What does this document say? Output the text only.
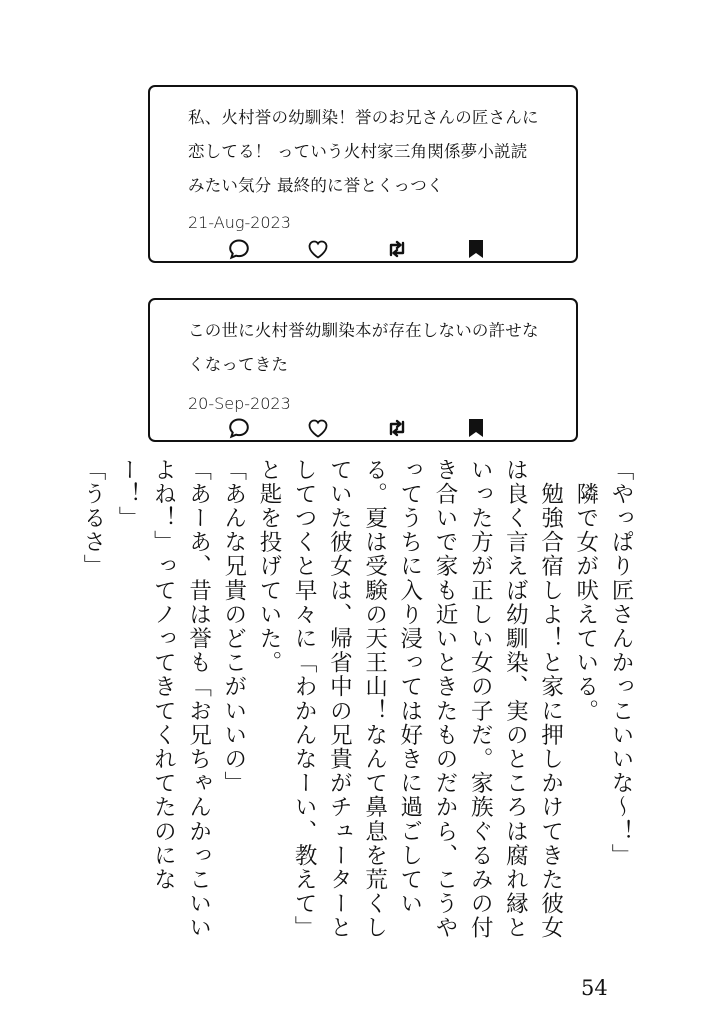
私、火村誉の幼馴染！誉のお兄さんの匠さんに
恋してる！ っていう火村家三角関係夢小説読
みたい気分 最終的に誉とくっつく
21-Aug-2023
この世に火村誉幼馴染本が存在しないの許せな
くなってきた
20-Sep-2023

「やっぱり匠さんかっこいいな〜！」

　隣で女が吠えている。

　勉強合宿しよ！と家に押しかけてきた彼女は良く言えば幼馴染、実のところは腐れ縁といった方が正しい女の子だ。家族ぐるみの付き合いで家も近いときたものだから、こうやってうちに入り浸っては好きに過ごしている。夏は受験の天王山！なんて鼻息を荒くしていた彼女は、帰省中の兄貴がチューターとしてつくと早々に「わかんなーい、教えて」と匙を投げていた。

「あんな兄貴のどこがいいの」

「あーあ、昔は誉も「お兄ちゃんかっこいいよね！」ってノってきてくれてたのになー！」

「うるさ」

54
